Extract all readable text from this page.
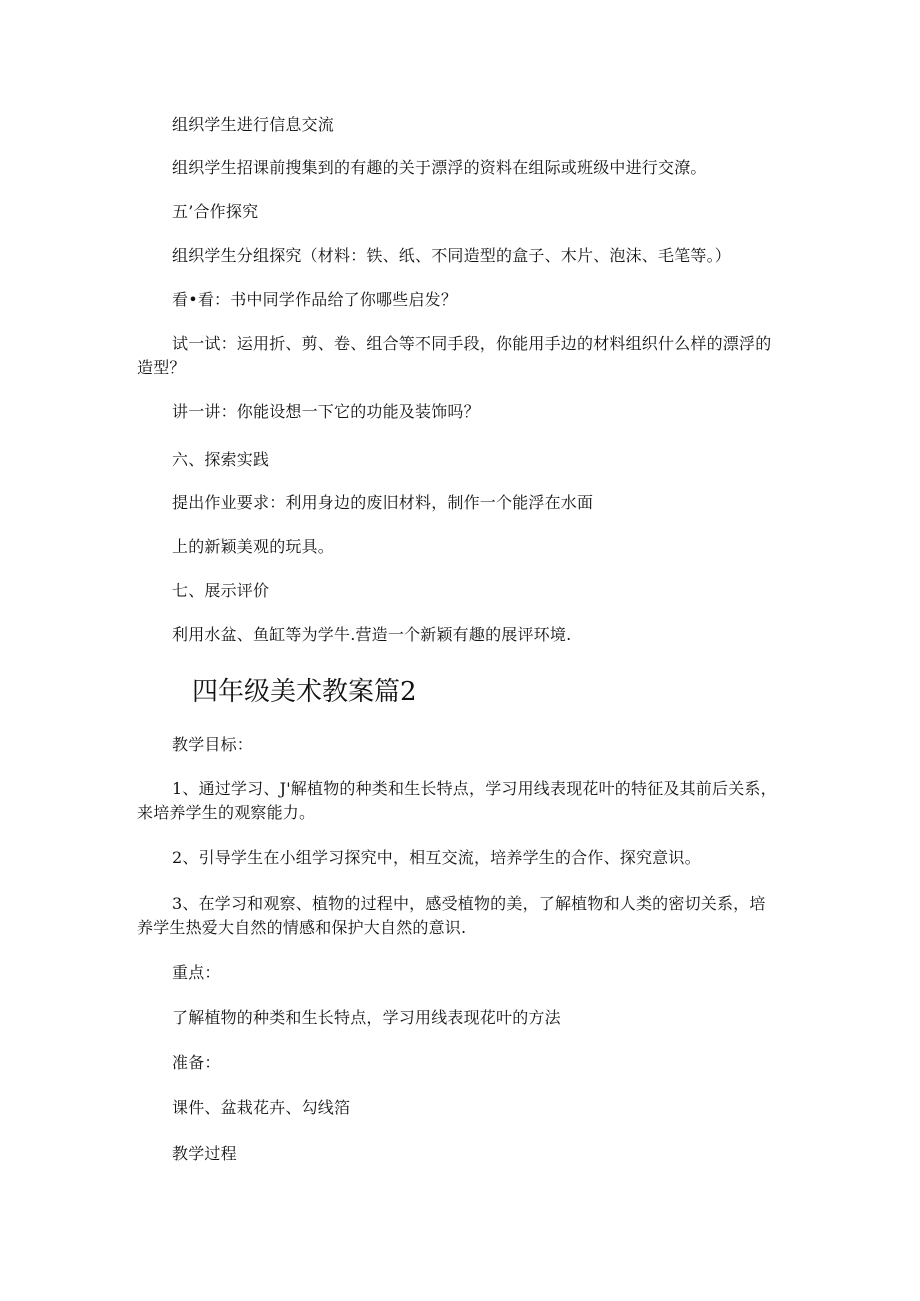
组织学生进行信息交流

组织学生招课前搜集到的有趣的关于漂浮的资料在组际或班级中进行交潦。

五’合作探究

组织学生分组探究（材料：铁、纸、不同造型的盒子、木片、泡沫、毛笔等。）

看•看：书中同学作品给了你哪些启发？

试一试：运用折、剪、卷、组合等不同手段，你能用手边的材料组织什么样的漂浮的造型？

讲一讲：你能设想一下它的功能及装饰吗？

六、探索实践

提出作业要求：利用身边的废旧材料，制作一个能浮在水面

上的新颖美观的玩具。

七、展示评价

利用水盆、鱼缸等为学牛.营造一个新颖有趣的展评环境.

四年级美术教案篇2

教学目标：

1、通过学习、J'解植物的种类和生长特点，学习用线表现花叶的特征及其前后关系，来培养学生的观察能力。

2、引导学生在小组学习探究中，相互交流，培养学生的合作、探究意识。

3、在学习和观察、植物的过程中，感受植物的美，了解植物和人类的密切关系，培养学生热爱大自然的情感和保护大自然的意识.

重点：

了解植物的种类和生长特点，学习用线表现花叶的方法

准备：

课件、盆栽花卉、勾线箔

教学过程
